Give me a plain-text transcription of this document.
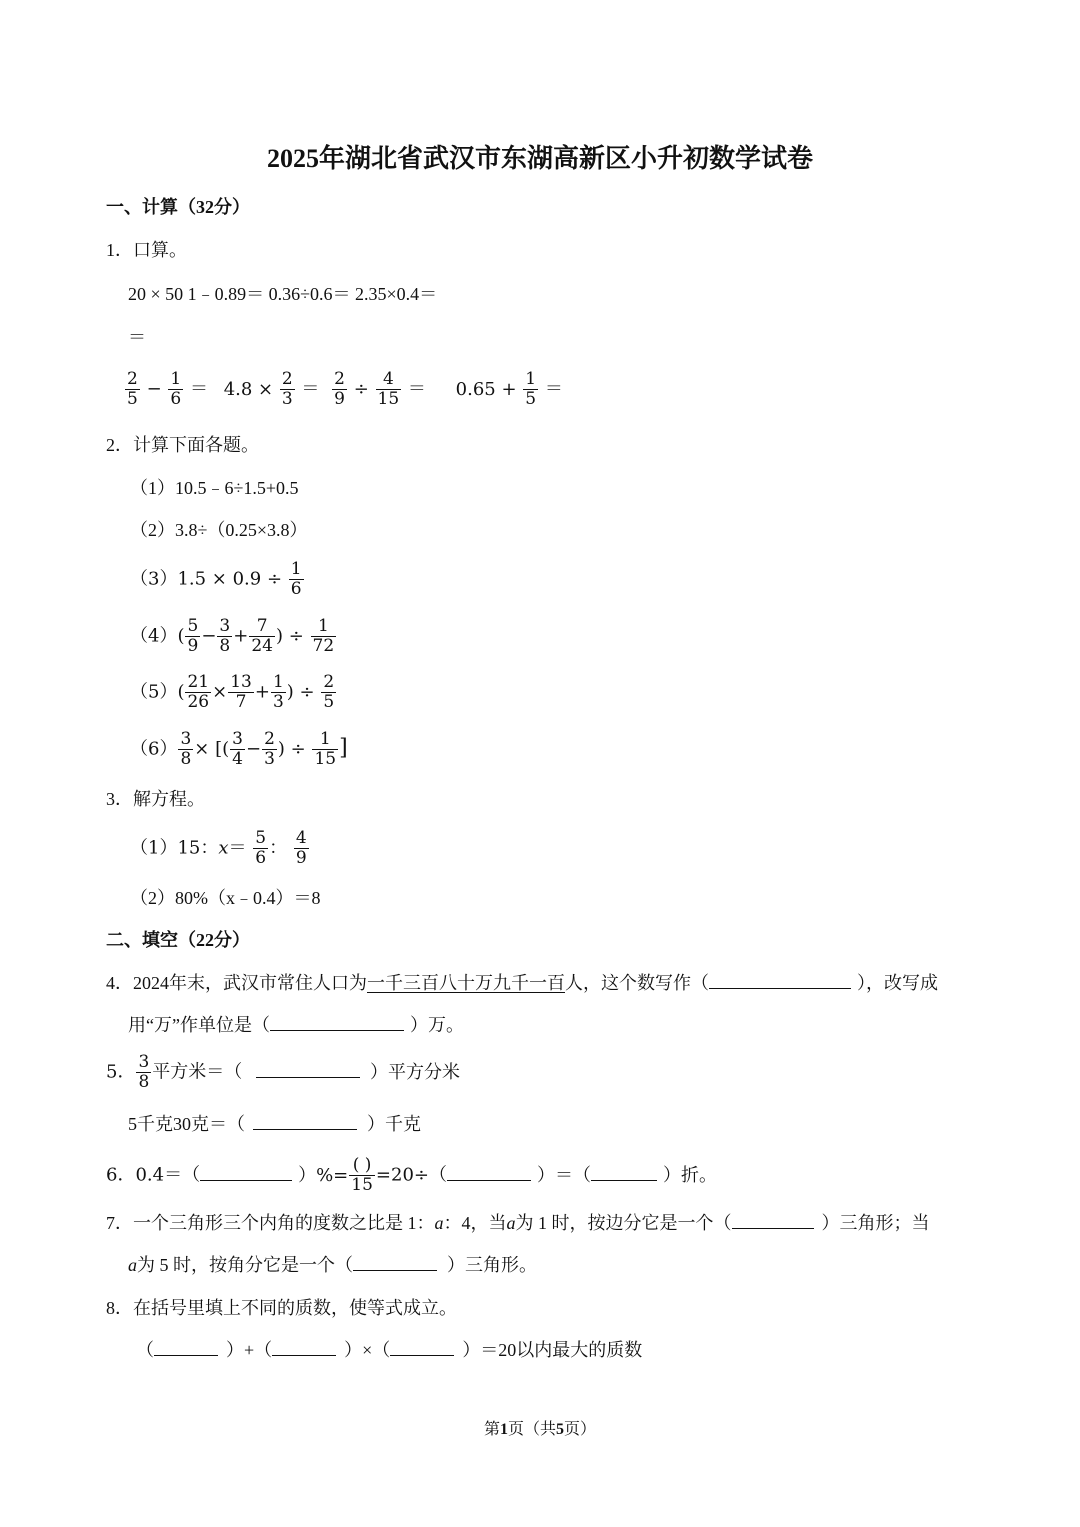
2025年湖北省武汉市东湖高新区小升初数学试卷
一、计算（32分）
1．口算。
20 × 50 1﹣0.89＝ 0.36÷0.6＝ 2.35×0.4＝
＝
$\frac{2}{5} - \frac{1}{6} = 4.8 \times \frac{2}{3} = \frac{2}{9} \div \frac{4}{15} = 0.65 + \frac{1}{5}$ ＝
2．计算下面各题。
（1）10.5﹣6÷1.5+0.5
（2）3.8÷（0.25×3.8）
$(3)1.5 \times 0.9 \div \frac{1}{6}$
$(4)( \frac{5}{9} - \frac{3}{8} + \frac{7}{24}$ ) ÷ $\frac{1}{72}$
$(5)( \frac{21}{26} \times \frac{13}{7} + \frac{1}{3}$ ) ÷ $\frac{2}{5}$
$(6) \frac{3}{8}$ × [( $\frac{3}{4} - \frac{2}{3}$ ) ÷ $\frac{1}{15}$ ]
3．解方程。
（1）15：$x= \frac{5}{6}$ ： $\frac{4}{9}$
（2）80%（x﹣0.4）＝8
二、填空（22分）
4．2024年末，武汉市常住人口为一千三百八十万九千一百人，这个数写作（	），改写成
用“万”作单位是（	）万。
5． $\frac{3}{8}$ 平方米＝（	）平方分米
5千克30克＝（	）千克
6．0.4＝（	）%= $\frac{( )}{15} =20\div$（	）＝（	）折。
7．一个三角形三个内角的度数之比是 1：a：4，当a为 1 时，按边分它是一个（	）三角形；当
a为 5 时，按角分它是一个（	）三角形。
8．在括号里填上不同的质数，使等式成立。
（	）+（	）×（	）＝20以内最大的质数
第1页（共5页）
